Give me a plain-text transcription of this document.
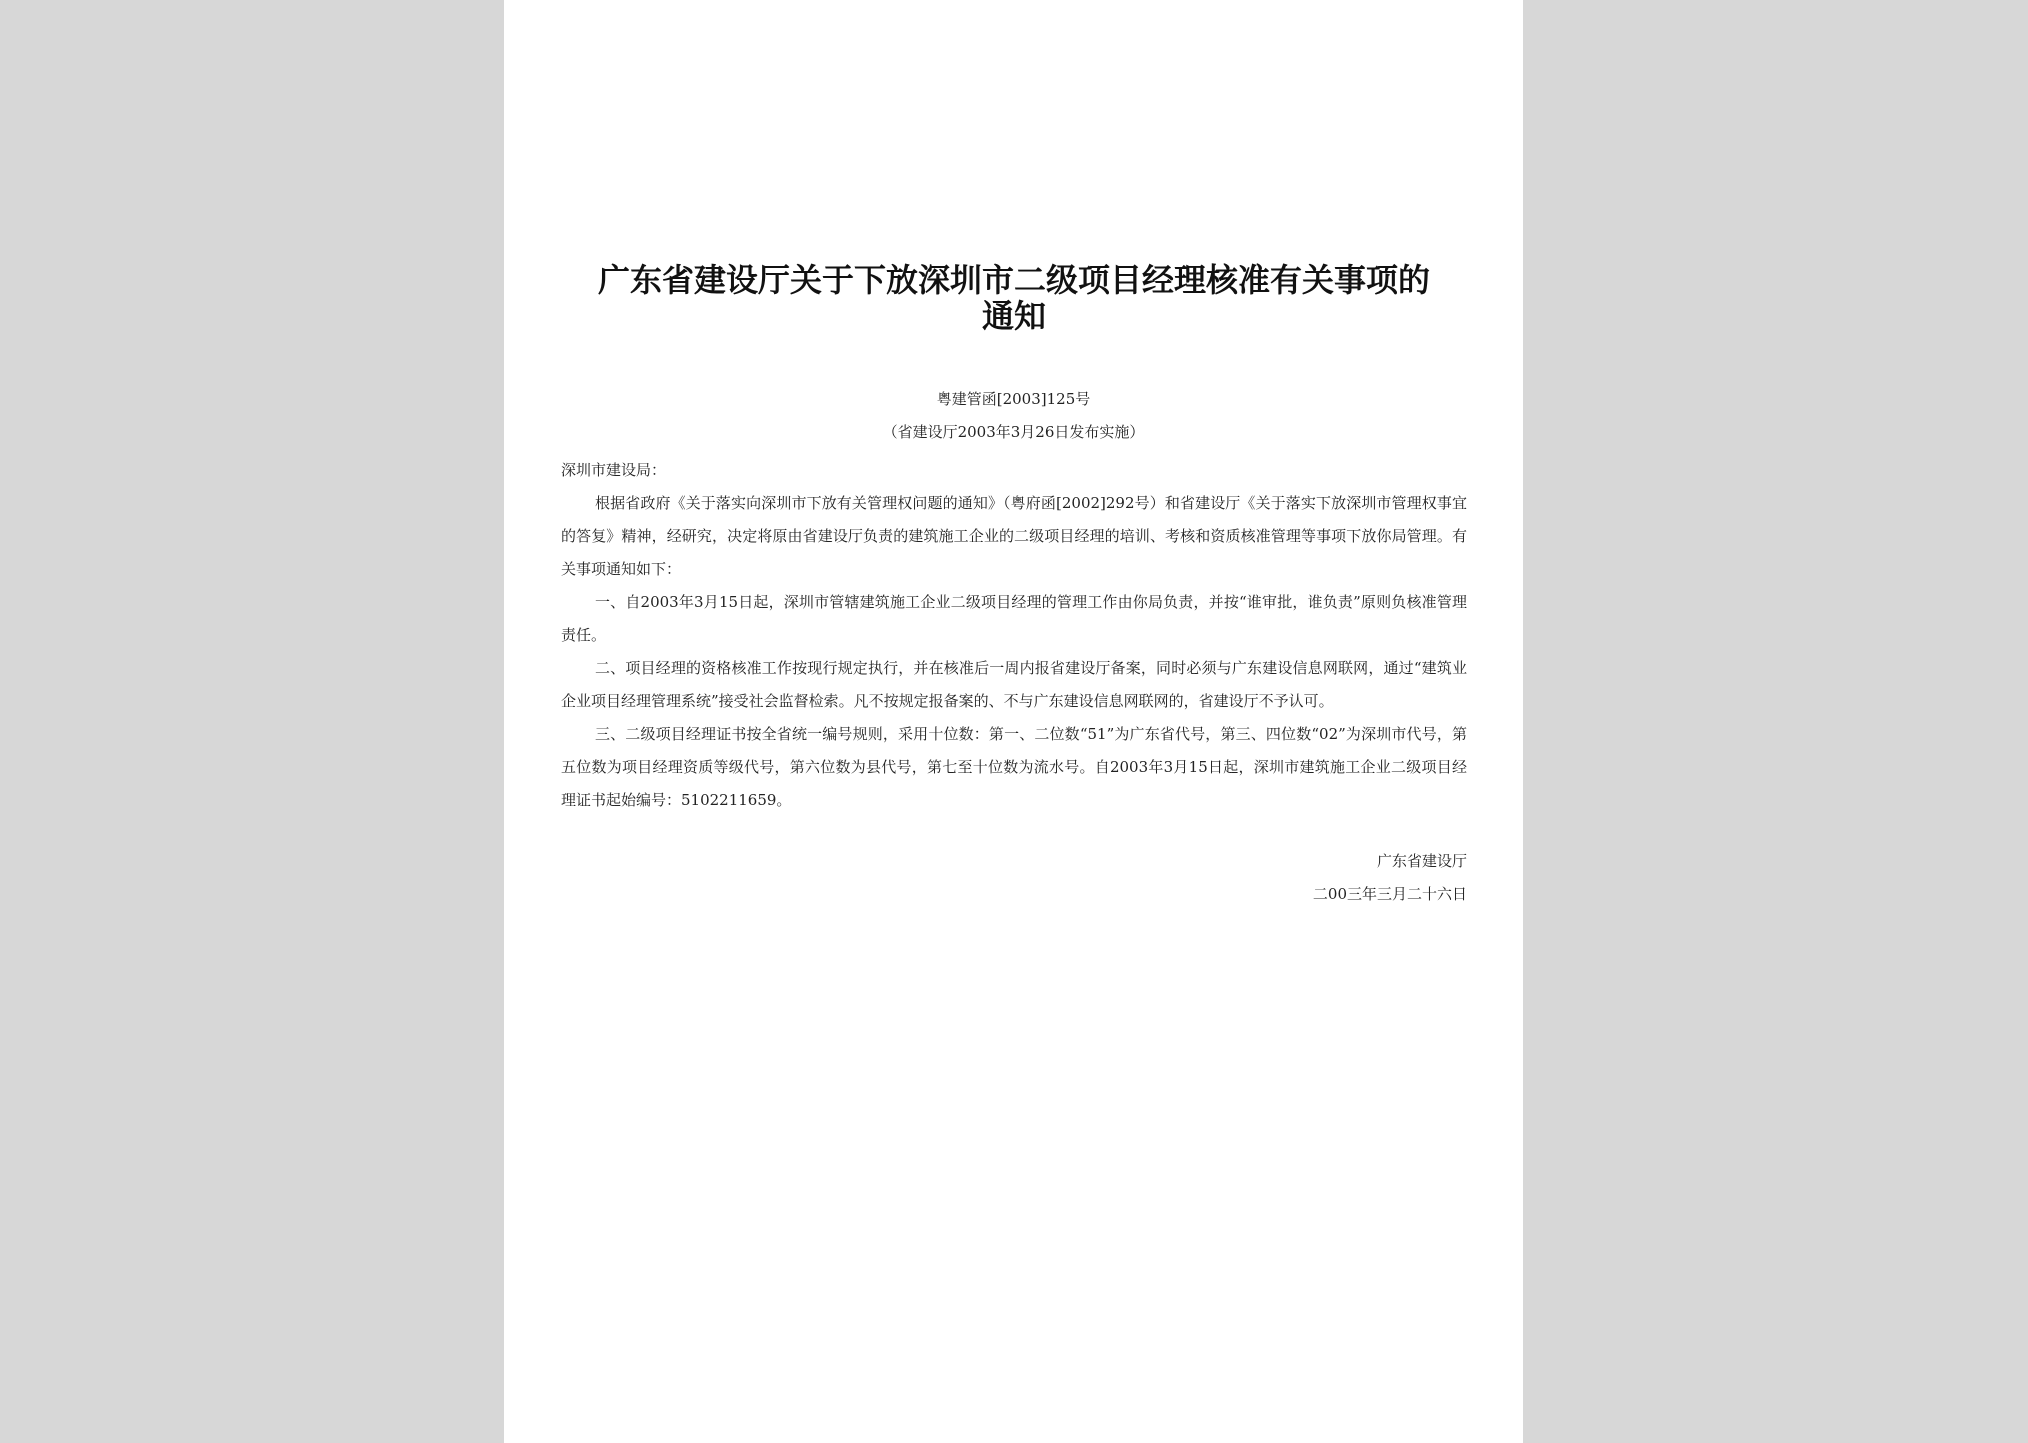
广东省建设厅关于下放深圳市二级项目经理核准有关事项的通知
粤建管函[2003]125号
（省建设厅2003年3月26日发布实施）

深圳市建设局：

根据省政府《关于落实向深圳市下放有关管理权问题的通知》（粤府函[2002]292号）和省建设厅《关于落实下放深圳市管理权事宜的答复》精神，经研究，决定将原由省建设厅负责的建筑施工企业的二级项目经理的培训、考核和资质核准管理等事项下放你局管理。有关事项通知如下：

一、自2003年3月15日起，深圳市管辖建筑施工企业二级项目经理的管理工作由你局负责，并按“谁审批，谁负责”原则负核准管理责任。

二、项目经理的资格核准工作按现行规定执行，并在核准后一周内报省建设厅备案，同时必须与广东建设信息网联网，通过“建筑业企业项目经理管理系统”接受社会监督检索。凡不按规定报备案的、不与广东建设信息网联网的，省建设厅不予认可。

三、二级项目经理证书按全省统一编号规则，采用十位数：第一、二位数“51”为广东省代号，第三、四位数“02”为深圳市代号，第五位数为项目经理资质等级代号，第六位数为县代号，第七至十位数为流水号。自2003年3月15日起，深圳市建筑施工企业二级项目经理证书起始编号：5102211659。

广东省建设厅
二00三年三月二十六日
